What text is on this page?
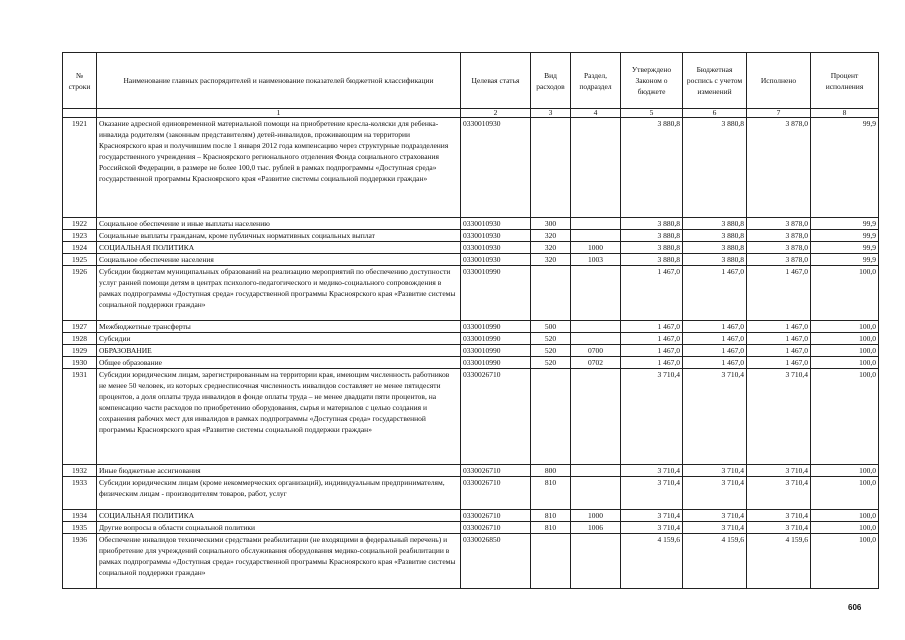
№ строки	Наименование главных распорядителей и наименование показателей бюджетной классификации	Целевая статья	Вид расходов	Раздел, подраздел	Утверждено Законом о бюджете	Бюджетная роспись с учетом изменений	Исполнено	Процент исполнения
	1	2	3	4	5	6	7	8
1921	Оказание адресной единовременной материальной помощи на приобретение кресла-коляски для ребенка-инвалида родителям (законным представителям) детей-инвалидов, проживающим на территории Красноярского края и получившим после 1 января 2012 года компенсацию через структурные подразделения государственного учреждения – Красноярского регионального отделения Фонда социального страхования Российской Федерации, в размере не более 100,0 тыс. рублей в рамках подпрограммы «Доступная среда» государственной программы Красноярского края «Развитие системы социальной поддержки граждан»	0330010930			3 880,8	3 880,8	3 878,0	99,9
1922	Социальное обеспечение и иные выплаты населению	0330010930	300		3 880,8	3 880,8	3 878,0	99,9
1923	Социальные выплаты гражданам, кроме публичных нормативных социальных выплат	0330010930	320		3 880,8	3 880,8	3 878,0	99,9
1924	СОЦИАЛЬНАЯ ПОЛИТИКА	0330010930	320	1000	3 880,8	3 880,8	3 878,0	99,9
1925	Социальное обеспечение населения	0330010930	320	1003	3 880,8	3 880,8	3 878,0	99,9
1926	Субсидии бюджетам муниципальных образований на реализацию мероприятий по обеспечению доступности услуг ранней помощи детям в центрах психолого-педагогического и медико-социального сопровождения в рамках подпрограммы «Доступная среда» государственной программы Красноярского края «Развитие системы социальной поддержки граждан»	0330010990			1 467,0	1 467,0	1 467,0	100,0
1927	Межбюджетные трансферты	0330010990	500		1 467,0	1 467,0	1 467,0	100,0
1928	Субсидии	0330010990	520		1 467,0	1 467,0	1 467,0	100,0
1929	ОБРАЗОВАНИЕ	0330010990	520	0700	1 467,0	1 467,0	1 467,0	100,0
1930	Общее образование	0330010990	520	0702	1 467,0	1 467,0	1 467,0	100,0
1931	Субсидии юридическим лицам, зарегистрированным на территории края, имеющим численность работников не менее 50 человек, из которых среднесписочная численность инвалидов составляет не менее пятидесяти процентов, а доля оплаты труда инвалидов в фонде оплаты труда – не менее двадцати пяти процентов, на компенсацию части расходов по приобретению оборудования, сырья и материалов с целью создания и сохранения рабочих мест для инвалидов в рамках подпрограммы «Доступная среда» государственной программы Красноярского края «Развитие системы социальной поддержки граждан»	0330026710			3 710,4	3 710,4	3 710,4	100,0
1932	Иные бюджетные ассигнования	0330026710	800		3 710,4	3 710,4	3 710,4	100,0
1933	Субсидии юридическим лицам (кроме некоммерческих организаций), индивидуальным предпринимателям, физическим лицам - производителям товаров, работ, услуг	0330026710	810		3 710,4	3 710,4	3 710,4	100,0
1934	СОЦИАЛЬНАЯ ПОЛИТИКА	0330026710	810	1000	3 710,4	3 710,4	3 710,4	100,0
1935	Другие вопросы в области социальной политики	0330026710	810	1006	3 710,4	3 710,4	3 710,4	100,0
1936	Обеспечение инвалидов техническими средствами реабилитации (не входящими в федеральный перечень) и приобретение для учреждений социального обслуживания оборудования медико-социальной реабилитации в рамках подпрограммы «Доступная среда» государственной программы Красноярского края «Развитие системы социальной поддержки граждан»	0330026850			4 159,6	4 159,6	4 159,6	100,0
606
